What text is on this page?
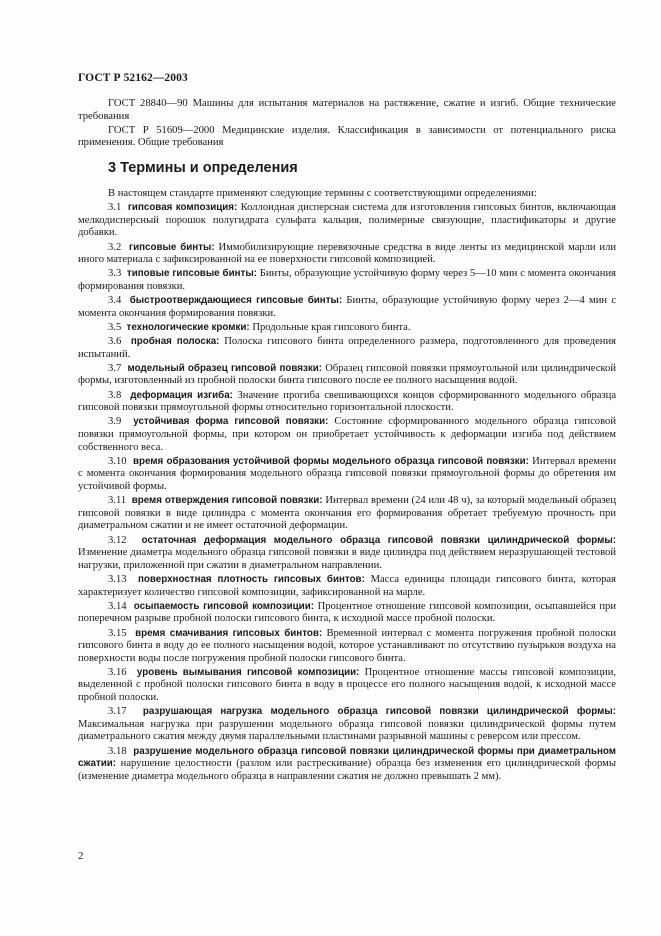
ГОСТ Р 52162—2003

ГОСТ 28840—90 Машины для испытания материалов на растяжение, сжатие и изгиб. Общие технические требования

ГОСТ Р 51609—2000 Медицинские изделия. Классификация в зависимости от потенциального риска применения. Общие требования

3 Термины и определения

В настоящем стандарте применяют следующие термины с соответствующими определениями:

3.1 гипсовая композиция: Коллоидная дисперсная система для изготовления гипсовых бинтов, включающая мелкодисперсный порошок полугидрата сульфата кальция, полимерные связующие, пластификаторы и другие добавки.

3.2 гипсовые бинты: Иммобилизирующие перевязочные средства в виде ленты из медицинской марли или иного материала с зафиксированной на ее поверхности гипсовой композицией.

3.3 типовые гипсовые бинты: Бинты, образующие устойчивую форму через 5—10 мин с момента окончания формирования повязки.

3.4 быстроотверждающиеся гипсовые бинты: Бинты, образующие устойчивую форму через 2—4 мин с момента окончания формирования повязки.

3.5 технологические кромки: Продольные края гипсового бинта.

3.6 пробная полоска: Полоска гипсового бинта определенного размера, подготовленного для проведения испытаний.

3.7 модельный образец гипсовой повязки: Образец гипсовой повязки прямоугольной или цилиндрической формы, изготовленный из пробной полоски бинта гипсового после ее полного насыщения водой.

3.8 деформация изгиба: Значение прогиба свешивающихся концов сформированного модельного образца гипсовой повязки прямоугольной формы относительно горизонтальной плоскости.

3.9 устойчивая форма гипсовой повязки: Состояние сформированного модельного образца гипсовой повязки прямоугольной формы, при котором он приобретает устойчивость к деформации изгиба под действием собственного веса.

3.10 время образования устойчивой формы модельного образца гипсовой повязки: Интервал времени с момента окончания формирования модельного образца гипсовой повязки прямоугольной формы до обретения им устойчивой формы.

3.11 время отверждения гипсовой повязки: Интервал времени (24 или 48 ч), за который модельный образец гипсовой повязки в виде цилиндра с момента окончания его формирования обретает требуемую прочность при диаметральном сжатии и не имеет остаточной деформации.

3.12 остаточная деформация модельного образца гипсовой повязки цилиндрической формы: Изменение диаметра модельного образца гипсовой повязки в виде цилиндра под действием неразрушающей тестовой нагрузки, приложенной при сжатии в диаметральном направлении.

3.13 поверхностная плотность гипсовых бинтов: Масса единицы площади гипсового бинта, которая характеризует количество гипсовой композиции, зафиксированной на марле.

3.14 осыпаемость гипсовой композиции: Процентное отношение гипсовой композиции, осыпавшейся при поперечном разрыве пробной полоски гипсового бинта, к исходной массе пробной полоски.

3.15 время смачивания гипсовых бинтов: Временной интервал с момента погружения пробной полоски гипсового бинта в воду до ее полного насыщения водой, которое устанавливают по отсутствию пузырьков воздуха на поверхности воды после погружения пробной полоски гипсового бинта.

3.16 уровень вымывания гипсовой композиции: Процентное отношение массы гипсовой композиции, выделенной с пробной полоски гипсового бинта в воду в процессе его полного насыщения водой, к исходной массе пробной полоски.

3.17 разрушающая нагрузка модельного образца гипсовой повязки цилиндрической формы: Максимальная нагрузка при разрушении модельного образца гипсовой повязки цилиндрической формы путем диаметрального сжатия между двумя параллельными пластинами разрывной машины с реверсом или прессом.

3.18 разрушение модельного образца гипсовой повязки цилиндрической формы при диаметральном сжатии: нарушение целостности (разлом или растрескивание) образца без изменения его цилиндрической формы (изменение диаметра модельного образца в направлении сжатия не должно превышать 2 мм).

2
